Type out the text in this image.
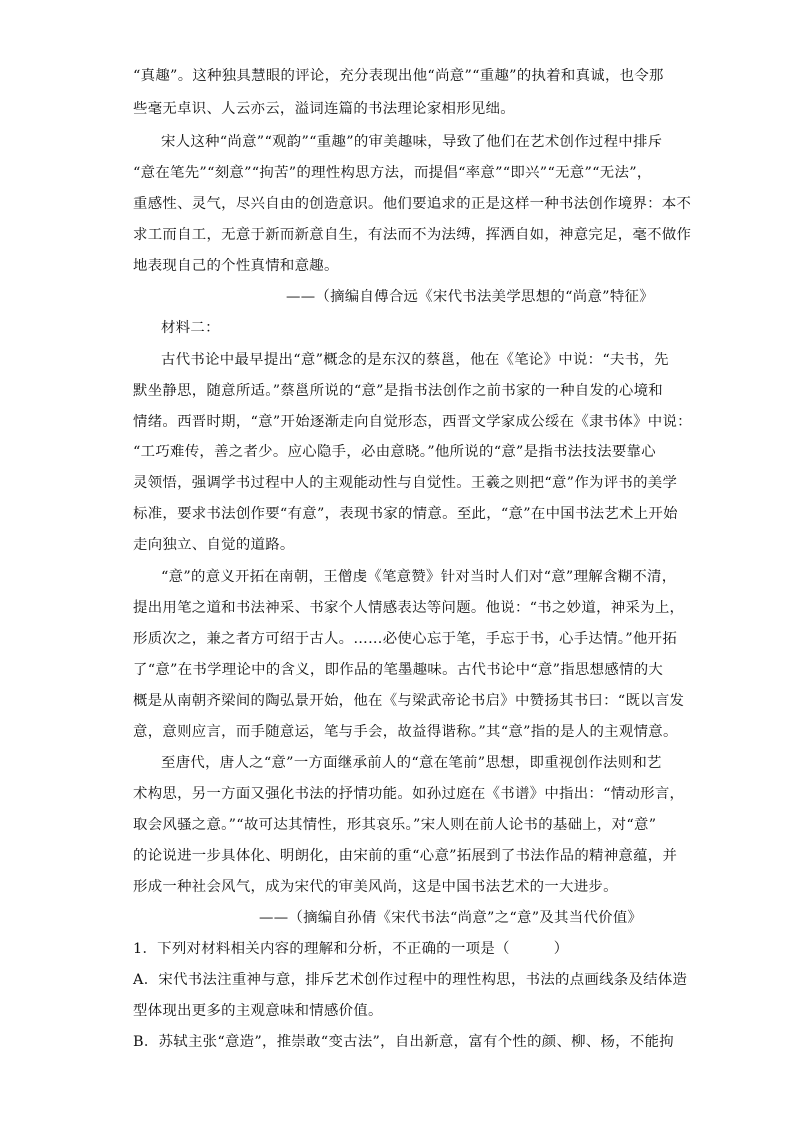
“真趣”。这种独具慧眼的评论，充分表现出他“尚意”“重趣”的执着和真诚，也令那
些毫无卓识、人云亦云，溢词连篇的书法理论家相形见绌。
宋人这种“尚意”“观韵”“重趣”的审美趣味，导致了他们在艺术创作过程中排斥
“意在笔先”“刻意”“拘苦”的理性构思方法，而提倡“率意”“即兴”“无意”“无法”，
重感性、灵气，尽兴自由的创造意识。他们要追求的正是这样一种书法创作境界：本不
求工而自工，无意于新而新意自生，有法而不为法缚，挥洒自如，神意完足，毫不做作
地表现自己的个性真情和意趣。
——（摘编自傅合远《宋代书法美学思想的“尚意”特征》
材料二：
古代书论中最早提出“意”概念的是东汉的蔡邕，他在《笔论》中说：“夫书，先
默坐静思，随意所适。”蔡邕所说的“意”是指书法创作之前书家的一种自发的心境和
情绪。西晋时期，“意”开始逐渐走向自觉形态，西晋文学家成公绥在《隶书体》中说：
“工巧难传，善之者少。应心隐手，必由意晓。”他所说的“意”是指书法技法要靠心
灵领悟，强调学书过程中人的主观能动性与自觉性。王羲之则把“意”作为评书的美学
标准，要求书法创作要“有意”，表现书家的情意。至此，“意”在中国书法艺术上开始
走向独立、自觉的道路。
“意”的意义开拓在南朝，王僧虔《笔意赞》针对当时人们对“意”理解含糊不清，
提出用笔之道和书法神采、书家个人情感表达等问题。他说：“书之妙道，神采为上，
形质次之，兼之者方可绍于古人。……必使心忘于笔，手忘于书，心手达情。”他开拓
了“意”在书学理论中的含义，即作品的笔墨趣味。古代书论中“意”指思想感情的大
概是从南朝齐梁间的陶弘景开始，他在《与梁武帝论书启》中赞扬其书曰：“既以言发
意，意则应言，而手随意运，笔与手会，故益得谐称。”其“意”指的是人的主观情意。
至唐代，唐人之“意”一方面继承前人的“意在笔前”思想，即重视创作法则和艺
术构思，另一方面又强化书法的抒情功能。如孙过庭在《书谱》中指出：“情动形言，
取会风骚之意。”“故可达其情性，形其哀乐。”宋人则在前人论书的基础上，对“意”
的论说进一步具体化、明朗化，由宋前的重“心意”拓展到了书法作品的精神意蕴，并
形成一种社会风气，成为宋代的审美风尚，这是中国书法艺术的一大进步。
——（摘编自孙倩《宋代书法“尚意”之“意”及其当代价值》
1．下列对材料相关内容的理解和分析，不正确的一项是（　　　）
A．宋代书法注重神与意，排斥艺术创作过程中的理性构思，书法的点画线条及结体造
型体现出更多的主观意味和情感价值。
B．苏轼主张“意造”，推崇敢“变古法”，自出新意，富有个性的颜、柳、杨，不能拘
